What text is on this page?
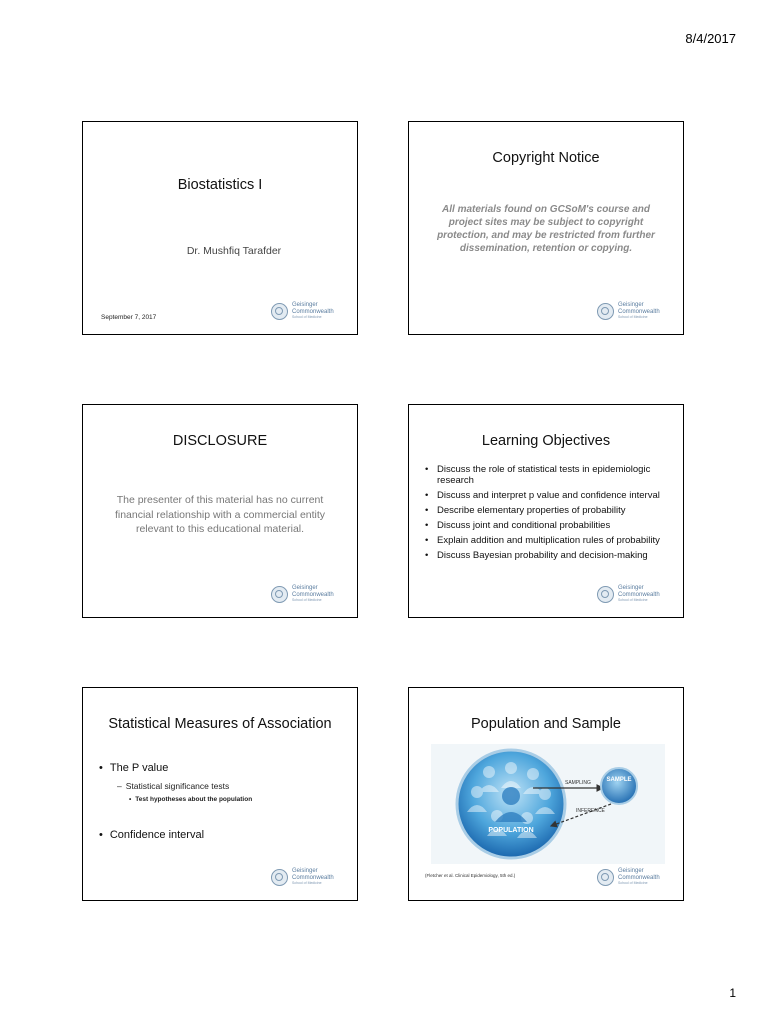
8/4/2017
Biostatistics I
Dr. Mushfiq Tarafder
September 7, 2017
Geisinger
Commonwealth
School of Medicine
Copyright Notice
All materials found on GCSoM's course and project sites may be subject to copyright protection, and may be restricted from further dissemination, retention or copying.
Geisinger
Commonwealth
School of Medicine
DISCLOSURE
The presenter of this material has no current financial relationship with a commercial entity relevant to this educational material.
Geisinger
Commonwealth
School of Medicine
Learning Objectives
• Discuss the role of statistical tests in epidemiologic research
• Discuss and interpret p value and confidence interval
• Describe elementary properties of probability
• Discuss joint and conditional probabilities
• Explain addition and multiplication rules of probability
• Discuss Bayesian probability and decision-making
Geisinger
Commonwealth
School of Medicine
Statistical Measures of Association
• The P value
– Statistical significance tests
• Test hypotheses about the population
• Confidence interval
Geisinger
Commonwealth
School of Medicine
Population and Sample
POPULATION
SAMPLING	SAMPLE
INFERENCE
(Fletcher et al. Clinical Epidemiology, 5th ed.)
Geisinger
Commonwealth
School of Medicine
1
